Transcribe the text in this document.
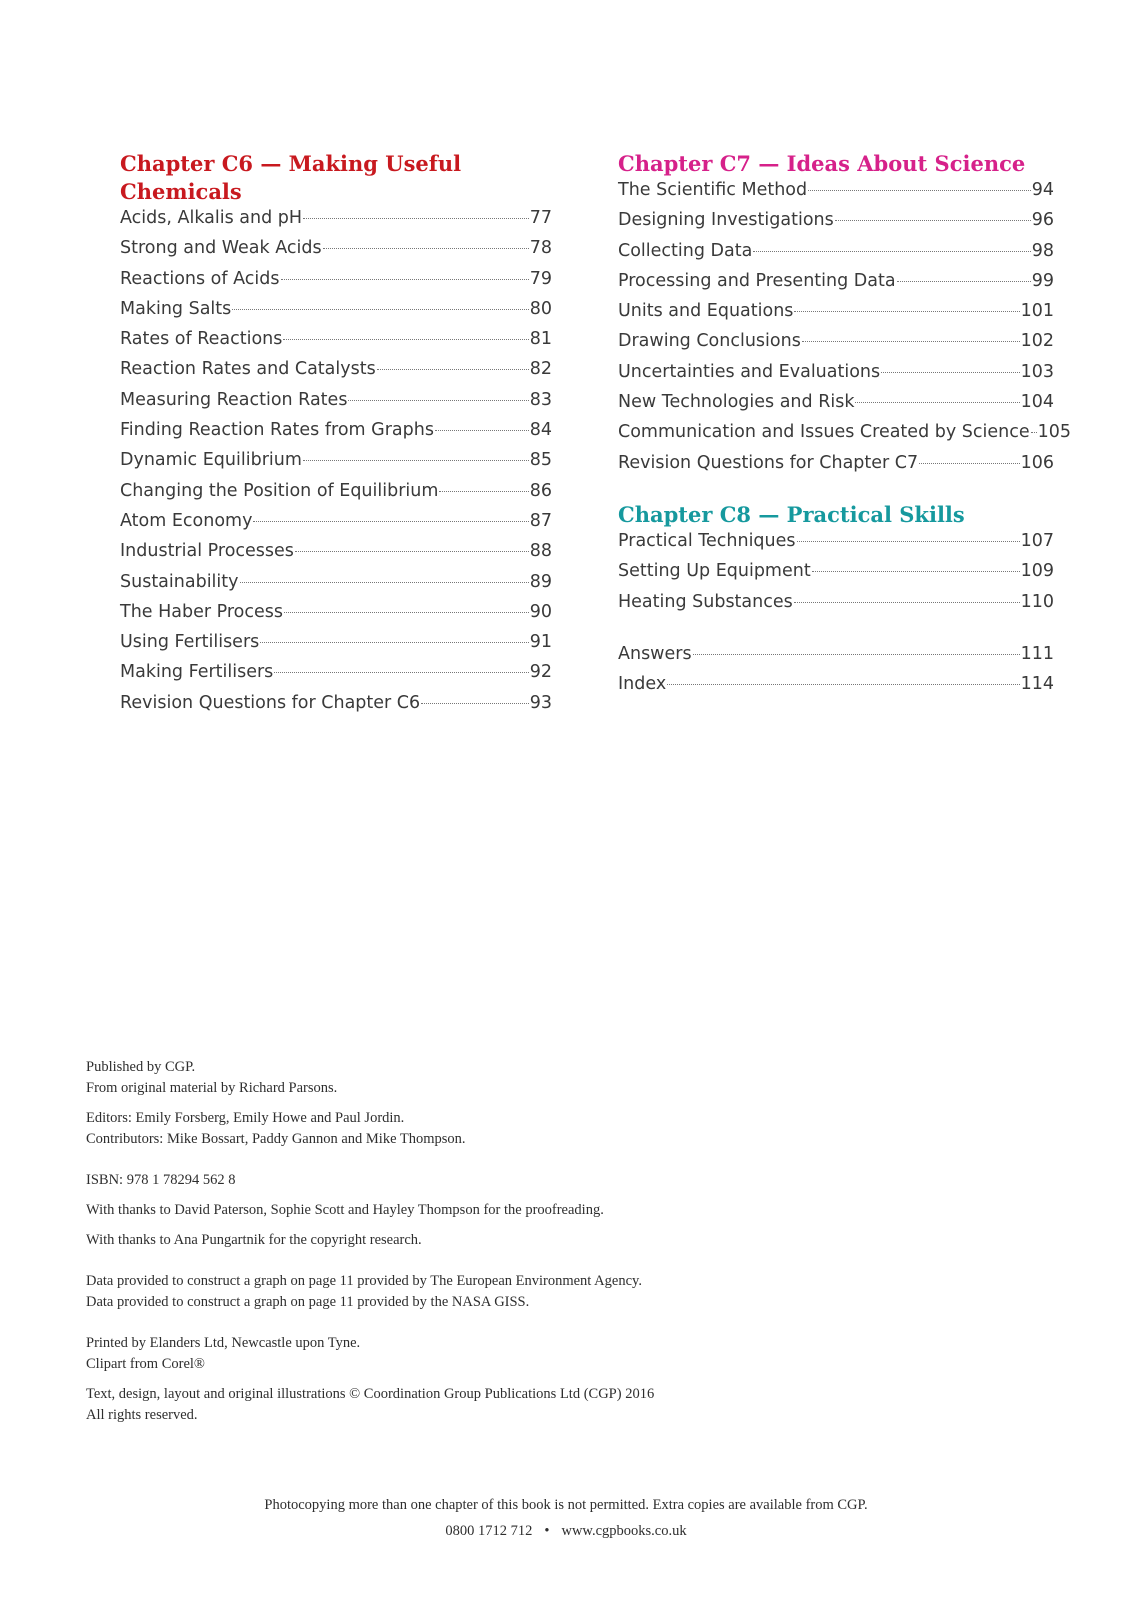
Chapter C6 — Making Useful Chemicals
Acids, Alkalis and pH	77
Strong and Weak Acids	78
Reactions of Acids	79
Making Salts	80
Rates of Reactions	81
Reaction Rates and Catalysts	82
Measuring Reaction Rates	83
Finding Reaction Rates from Graphs	84
Dynamic Equilibrium	85
Changing the Position of Equilibrium	86
Atom Economy	87
Industrial Processes	88
Sustainability	89
The Haber Process	90
Using Fertilisers	91
Making Fertilisers	92
Revision Questions for Chapter C6	93
Chapter C7 — Ideas About Science
The Scientific Method	94
Designing Investigations	96
Collecting Data	98
Processing and Presenting Data	99
Units and Equations	101
Drawing Conclusions	102
Uncertainties and Evaluations	103
New Technologies and Risk	104
Communication and Issues Created by Science 105
Revision Questions for Chapter C7	106
Chapter C8 — Practical Skills
Practical Techniques	107
Setting Up Equipment	109
Heating Substances	110
Answers	111
Index	114

Published by CGP.

From original material by Richard Parsons.

Editors: Emily Forsberg, Emily Howe and Paul Jordin.

Contributors: Mike Bossart, Paddy Gannon and Mike Thompson.

ISBN: 978 1 78294 562 8

With thanks to David Paterson, Sophie Scott and Hayley Thompson for the proofreading.

With thanks to Ana Pungartnik for the copyright research.

Data provided to construct a graph on page 11 provided by The European Environment Agency.

Data provided to construct a graph on page 11 provided by the NASA GISS.

Printed by Elanders Ltd, Newcastle upon Tyne.

Clipart from Corel®

Text, design, layout and original illustrations © Coordination Group Publications Ltd (CGP) 2016

All rights reserved.

Photocopying more than one chapter of this book is not permitted. Extra copies are available from CGP.

0800 1712 712 • www.cgpbooks.co.uk
